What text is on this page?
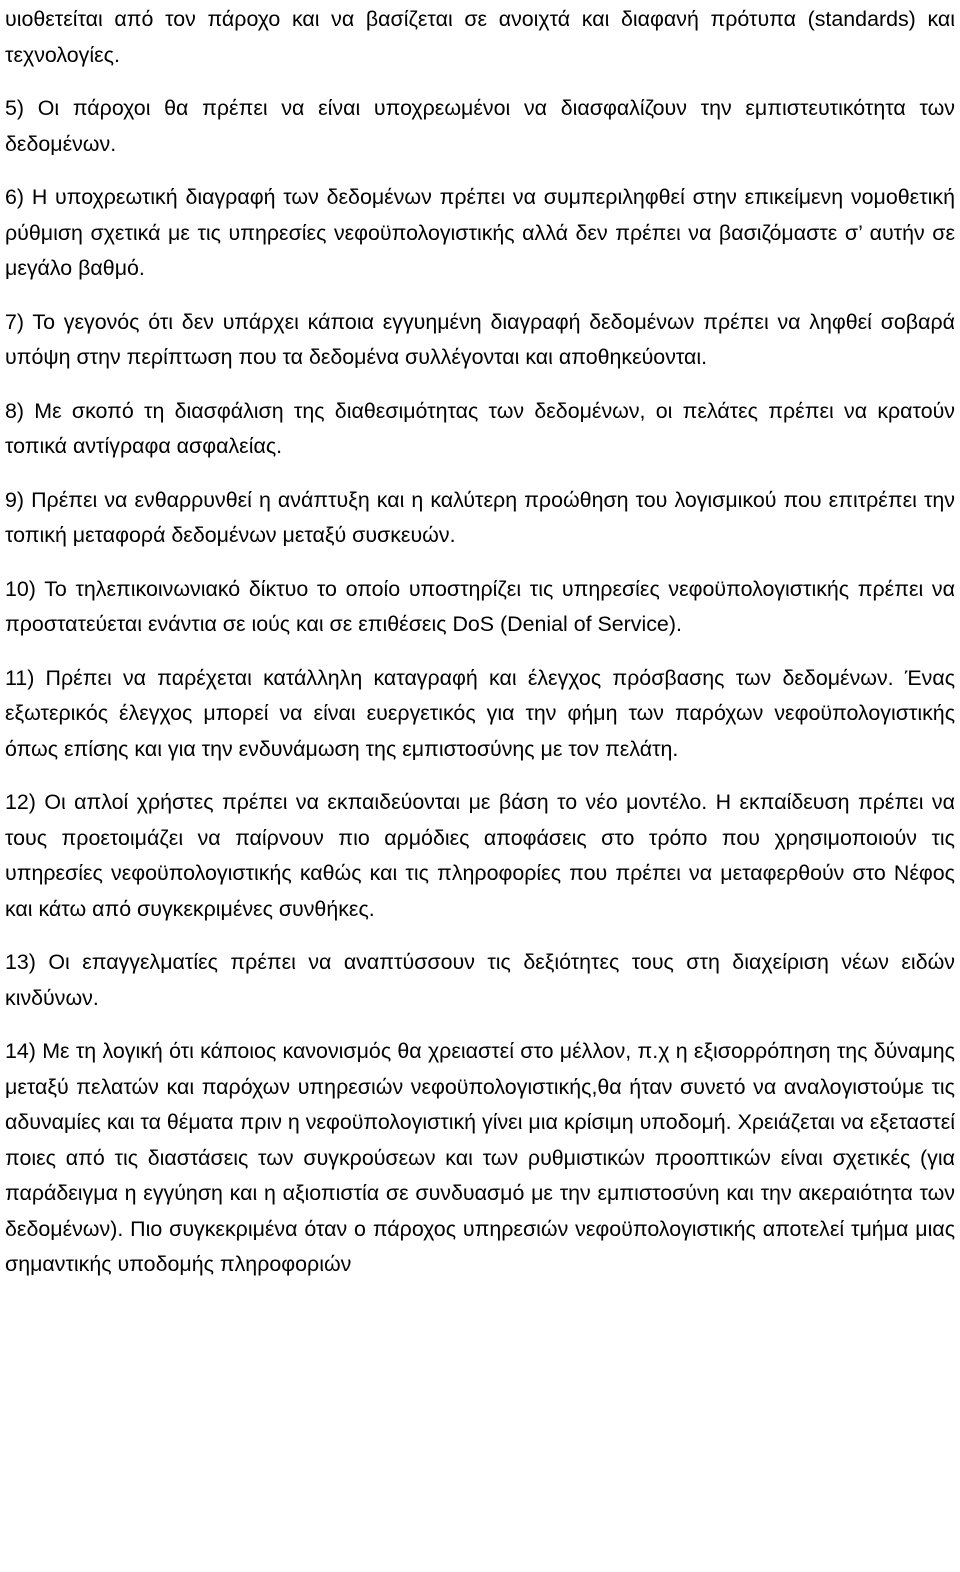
υιοθετείται από τον πάροχο και να βασίζεται σε ανοιχτά και διαφανή πρότυπα (standards) και τεχνολογίες.

5) Οι πάροχοι θα πρέπει να είναι υποχρεωμένοι να διασφαλίζουν την εμπιστευτικότητα των δεδομένων.

6) Η υποχρεωτική διαγραφή των δεδομένων πρέπει να συμπεριληφθεί στην επικείμενη νομοθετική ρύθμιση σχετικά με τις υπηρεσίες νεφοϋπολογιστικής αλλά δεν πρέπει να βασιζόμαστε σ’ αυτήν σε μεγάλο βαθμό.

7) Το γεγονός ότι δεν υπάρχει κάποια εγγυημένη διαγραφή δεδομένων πρέπει να ληφθεί σοβαρά υπόψη στην περίπτωση που τα δεδομένα συλλέγονται και αποθηκεύονται.

8) Με σκοπό τη διασφάλιση της διαθεσιμότητας των δεδομένων, οι πελάτες πρέπει να κρατούν τοπικά αντίγραφα ασφαλείας.

9) Πρέπει να ενθαρρυνθεί η ανάπτυξη και η καλύτερη προώθηση του λογισμικού που επιτρέπει την τοπική μεταφορά δεδομένων μεταξύ συσκευών.

10) Το τηλεπικοινωνιακό δίκτυο το οποίο υποστηρίζει τις υπηρεσίες νεφοϋπολογιστικής πρέπει να προστατεύεται ενάντια σε ιούς και σε επιθέσεις DoS (Denial of Service).

11) Πρέπει να παρέχεται κατάλληλη καταγραφή και έλεγχος πρόσβασης των δεδομένων. Ένας εξωτερικός έλεγχος μπορεί να είναι ευεργετικός για την φήμη των παρόχων νεφοϋπολογιστικής όπως επίσης και για την ενδυνάμωση της εμπιστοσύνης με τον πελάτη.

12) Οι απλοί χρήστες πρέπει να εκπαιδεύονται με βάση το νέο μοντέλο. Η εκπαίδευση πρέπει να τους προετοιμάζει να παίρνουν πιο αρμόδιες αποφάσεις στο τρόπο που χρησιμοποιούν τις υπηρεσίες νεφοϋπολογιστικής καθώς και τις πληροφορίες που πρέπει να μεταφερθούν στο Νέφος και κάτω από συγκεκριμένες συνθήκες.

13) Οι επαγγελματίες πρέπει να αναπτύσσουν τις δεξιότητες τους στη διαχείριση νέων ειδών κινδύνων.

14) Με τη λογική ότι κάποιος κανονισμός θα χρειαστεί στο μέλλον, π.χ η εξισορρόπηση της δύναμης μεταξύ πελατών και παρόχων υπηρεσιών νεφοϋπολογιστικής,θα ήταν συνετό να αναλογιστούμε τις αδυναμίες και τα θέματα πριν η νεφοϋπολογιστική γίνει μια κρίσιμη υποδομή. Χρειάζεται να εξεταστεί ποιες από τις διαστάσεις των συγκρούσεων και των ρυθμιστικών προοπτικών είναι σχετικές (για παράδειγμα η εγγύηση και η αξιοπιστία σε συνδυασμό με την εμπιστοσύνη και την ακεραιότητα των δεδομένων). Πιο συγκεκριμένα όταν ο πάροχος υπηρεσιών νεφοϋπολογιστικής αποτελεί τμήμα μιας σημαντικής υποδομής πληροφοριών
